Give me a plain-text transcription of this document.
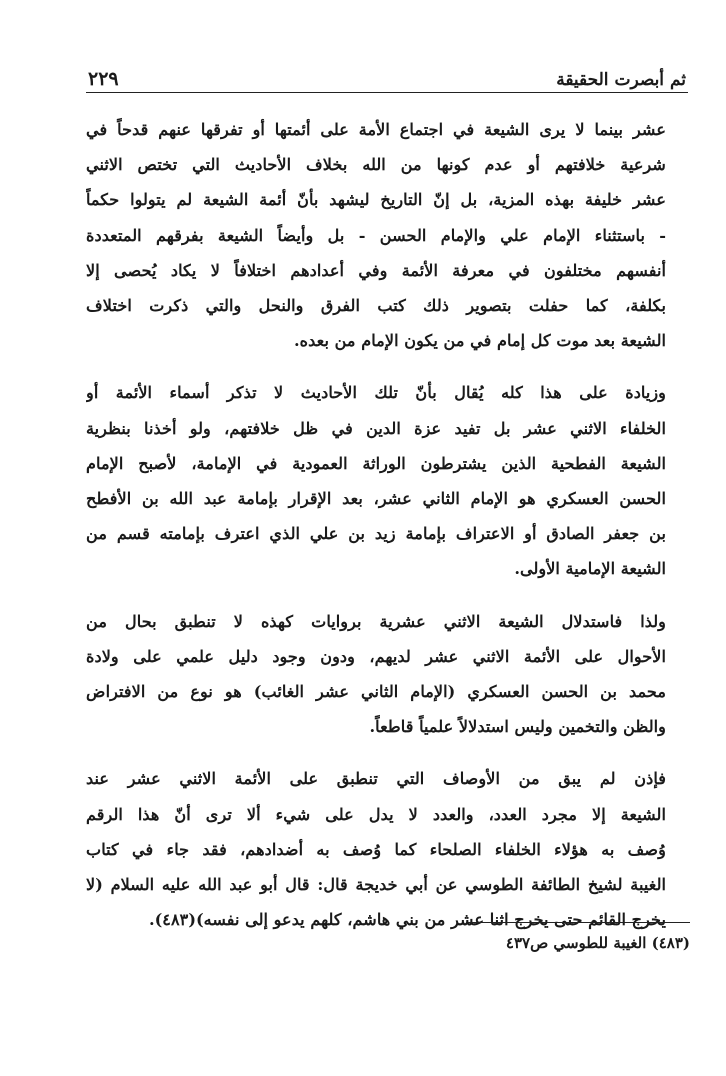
ثم أبصرت الحقيقة
٢٢٩

عشر بينما لا يرى الشيعة في اجتماع الأمة على أئمتها أو تفرقها عنهم قدحاً في
شرعية خلافتهم أو عدم كونها من الله بخلاف الأحاديث التي تختص الاثني
عشر خليفة بهذه المزية، بل إنّ التاريخ ليشهد بأنّ أئمة الشيعة لم يتولوا حكماً
- باستثناء الإمام علي والإمام الحسن - بل وأيضاً الشيعة بفرقهم المتعددة
أنفسهم مختلفون في معرفة الأئمة وفي أعدادهم اختلافاً لا يكاد يُحصى إلا
بكلفة، كما حفلت بتصوير ذلك كتب الفرق والنحل والتي ذكرت اختلاف
الشيعة بعد موت كل إمام في من يكون الإمام من بعده.

وزيادة على هذا كله يُقال بأنّ تلك الأحاديث لا تذكر أسماء الأئمة أو
الخلفاء الاثني عشر بل تفيد عزة الدين في ظل خلافتهم، ولو أخذنا بنظرية
الشيعة الفطحية الذين يشترطون الوراثة العمودية في الإمامة، لأصبح الإمام
الحسن العسكري هو الإمام الثاني عشر، بعد الإقرار بإمامة عبد الله بن الأفطح
بن جعفر الصادق أو الاعتراف بإمامة زيد بن علي الذي اعترف بإمامته قسم من
الشيعة الإمامية الأولى.

ولذا فاستدلال الشيعة الاثني عشرية بروايات كهذه لا تنطبق بحال من
الأحوال على الأئمة الاثني عشر لديهم، ودون وجود دليل علمي على ولادة
محمد بن الحسن العسكري (الإمام الثاني عشر الغائب) هو نوع من الافتراض
والظن والتخمين وليس استدلالاً علمياً قاطعاً.

فإذن لم يبق من الأوصاف التي تنطبق على الأئمة الاثني عشر عند
الشيعة إلا مجرد العدد، والعدد لا يدل على شيء ألا ترى أنّ هذا الرقم
وُصف به هؤلاء الخلفاء الصلحاء كما وُصف به أضدادهم، فقد جاء في كتاب
الغيبة لشيخ الطائفة الطوسي عن أبي خديجة قال: قال أبو عبد الله عليه السلام (لا
يخرج القائم حتى يخرج اثنا عشر من بني هاشم، كلهم يدعو إلى نفسه)(٤٨٣).

(٤٨٣) الغيبة للطوسي ص٤٣٧
